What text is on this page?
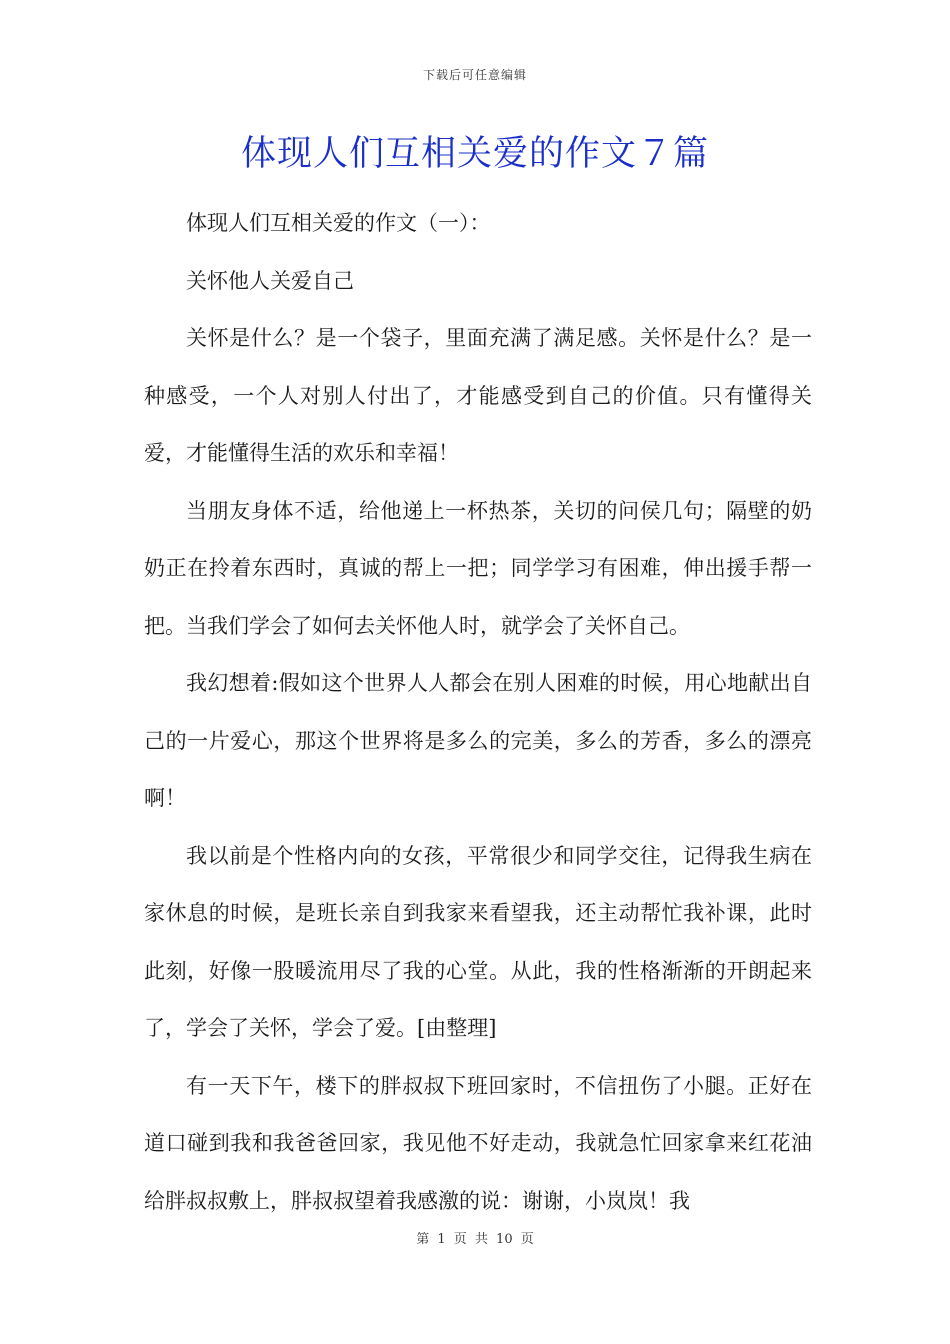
下载后可任意编辑
体现人们互相关爱的作文７篇

体现人们互相关爱的作文（一）：

关怀他人关爱自己

关怀是什么？是一个袋子，里面充满了满足感。关怀是什么？是一种感受，一个人对别人付出了，才能感受到自己的价值。只有懂得关爱，才能懂得生活的欢乐和幸福！

当朋友身体不适，给他递上一杯热茶，关切的问侯几句；隔壁的奶奶正在拎着东西时，真诚的帮上一把；同学学习有困难，伸出援手帮一把。当我们学会了如何去关怀他人时，就学会了关怀自己。

我幻想着:假如这个世界人人都会在别人困难的时候，用心地献出自己的一片爱心，那这个世界将是多么的完美，多么的芳香，多么的漂亮啊！

我以前是个性格内向的女孩，平常很少和同学交往，记得我生病在家休息的时候，是班长亲自到我家来看望我，还主动帮忙我补课，此时此刻，好像一股暖流用尽了我的心堂。从此，我的性格渐渐的开朗起来了，学会了关怀，学会了爱。[由整理]

有一天下午，楼下的胖叔叔下班回家时，不信扭伤了小腿。正好在道口碰到我和我爸爸回家，我见他不好走动，我就急忙回家拿来红花油给胖叔叔敷上，胖叔叔望着我感激的说：谢谢，小岚岚！我

第 1 页 共 10 页
